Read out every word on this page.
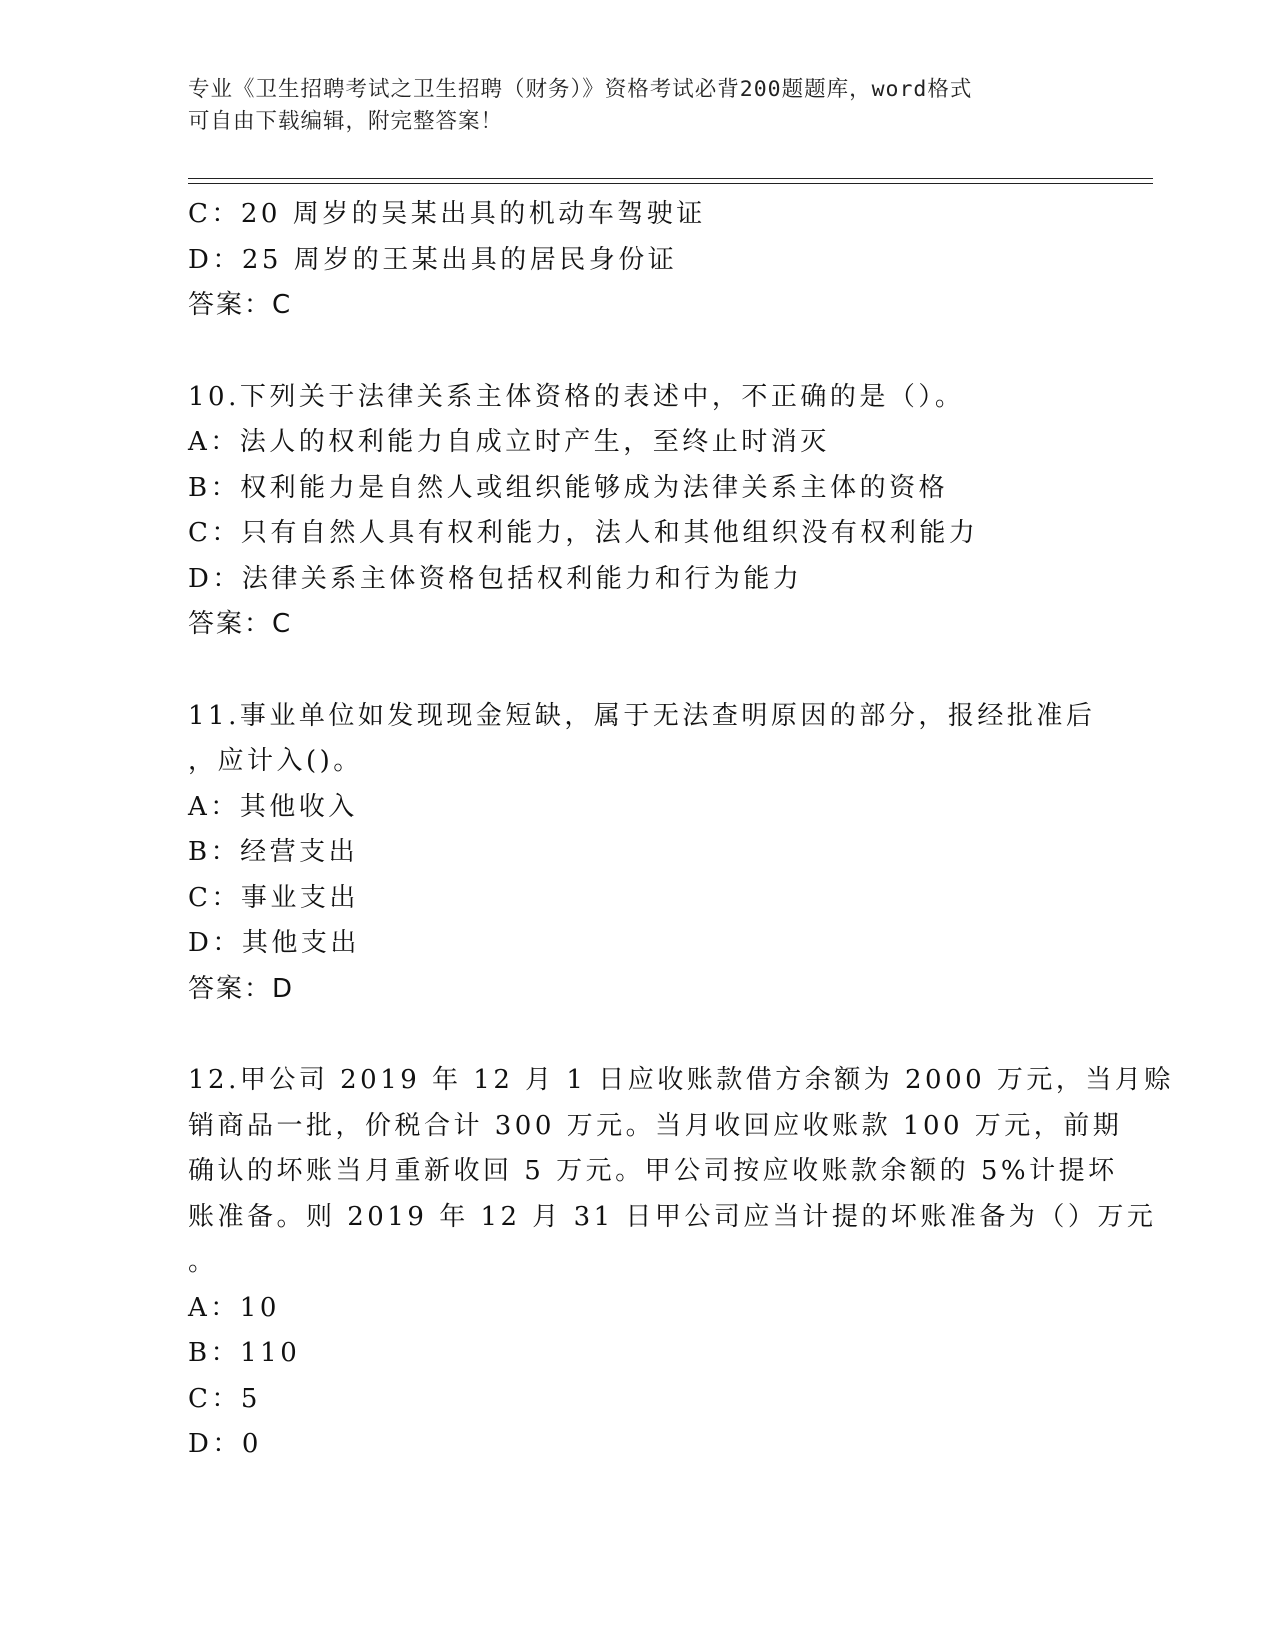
专业《卫生招聘考试之卫生招聘（财务）》资格考试必背200题题库，word格式
可自由下载编辑，附完整答案！
C：20 周岁的吴某出具的机动车驾驶证
D：25 周岁的王某出具的居民身份证
答案：C
10.下列关于法律关系主体资格的表述中，不正确的是（）。
A：法人的权利能力自成立时产生，至终止时消灭
B：权利能力是自然人或组织能够成为法律关系主体的资格
C：只有自然人具有权利能力，法人和其他组织没有权利能力
D：法律关系主体资格包括权利能力和行为能力
答案：C
11.事业单位如发现现金短缺，属于无法查明原因的部分，报经批准后
，应计入()。
A：其他收入
B：经营支出
C：事业支出
D：其他支出
答案：D
12.甲公司 2019 年 12 月 1 日应收账款借方余额为 2000 万元，当月赊
销商品一批，价税合计 300 万元。当月收回应收账款 100 万元，前期
确认的坏账当月重新收回 5 万元。甲公司按应收账款余额的 5%计提坏
账准备。则 2019 年 12 月 31 日甲公司应当计提的坏账准备为（）万元
。
A：10
B：110
C：5
D：0
